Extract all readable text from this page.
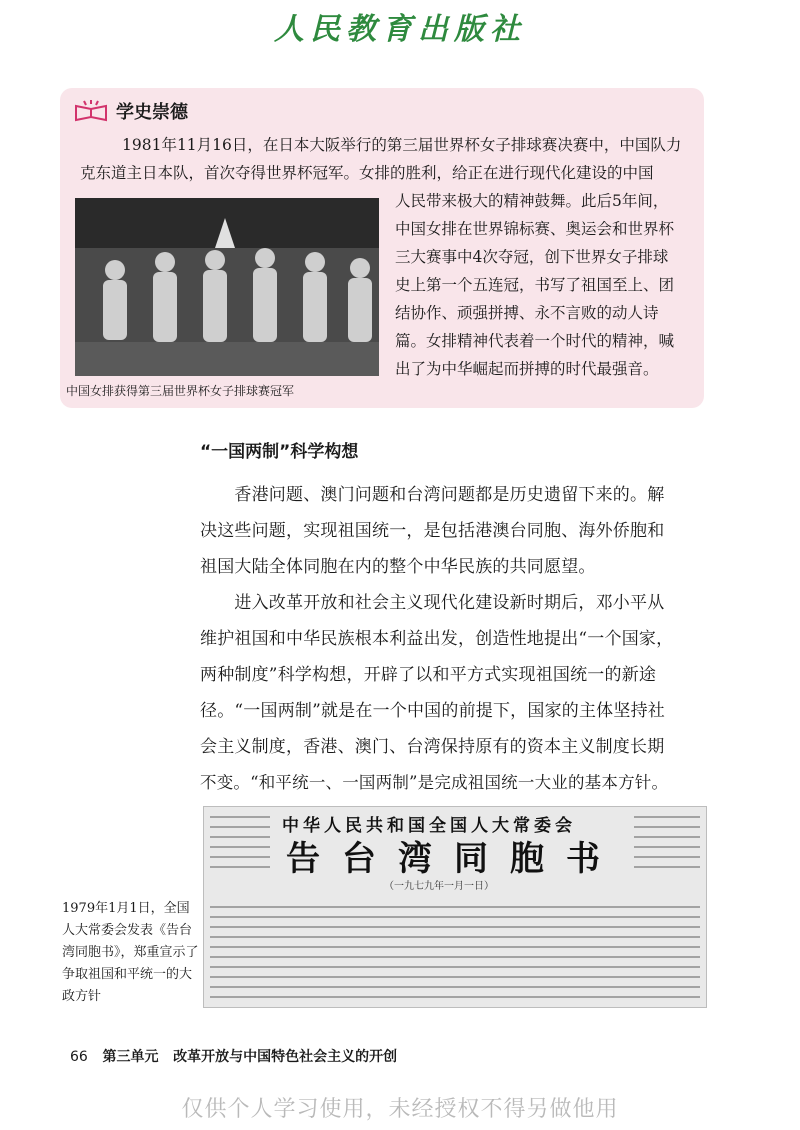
人民教育出版社
学史崇德
1981年11月16日，在日本大阪举行的第三届世界杯女子排球赛决赛中，中国队力
克东道主日本队，首次夺得世界杯冠军。女排的胜利，给正在进行现代化建设的中国
人民带来极大的精神鼓舞。此后5年间，
中国女排在世界锦标赛、奥运会和世界杯
三大赛事中4次夺冠，创下世界女子排球
史上第一个五连冠，书写了祖国至上、团
结协作、顽强拼搏、永不言败的动人诗
篇。女排精神代表着一个时代的精神，喊
出了为中华崛起而拼搏的时代最强音。
中国女排获得第三届世界杯女子排球赛冠军
“一国两制”科学构想
　　香港问题、澳门问题和台湾问题都是历史遗留下来的。解
决这些问题，实现祖国统一，是包括港澳台同胞、海外侨胞和
祖国大陆全体同胞在内的整个中华民族的共同愿望。
　　进入改革开放和社会主义现代化建设新时期后，邓小平从
维护祖国和中华民族根本利益出发，创造性地提出“一个国家，
两种制度”科学构想，开辟了以和平方式实现祖国统一的新途
径。“一国两制”就是在一个中国的前提下，国家的主体坚持社
会主义制度，香港、澳门、台湾保持原有的资本主义制度长期
不变。“和平统一、一国两制”是完成祖国统一大业的基本方针。
中华人民共和国全国人大常委会
告台湾同胞书
（一九七九年一月一日）
1979年1月1日，全国人大常委会发表《告台湾同胞书》，郑重宣示了争取祖国和平统一的大政方针
66 第三单元 改革开放与中国特色社会主义的开创
仅供个人学习使用，未经授权不得另做他用
